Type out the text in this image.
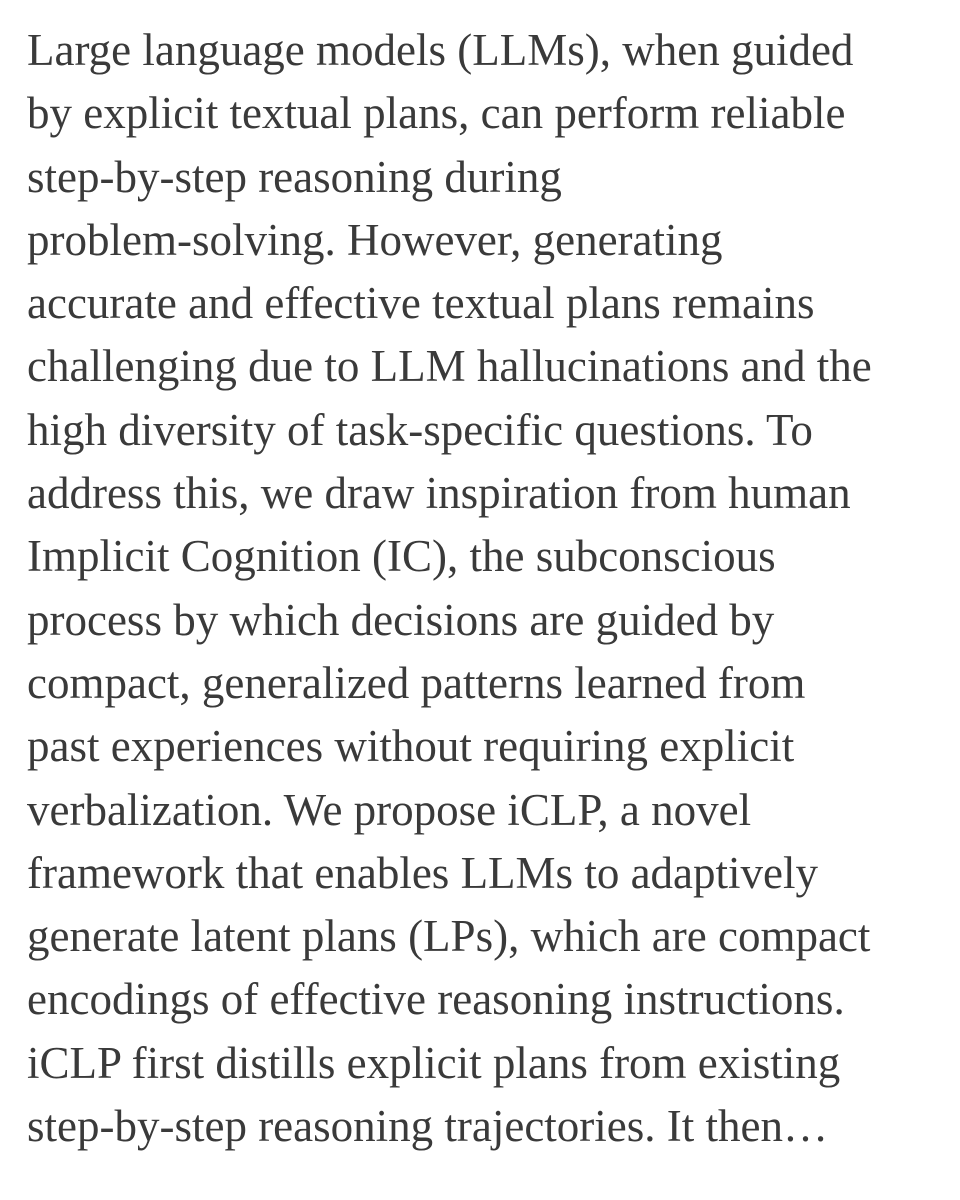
Large language models (LLMs), when guided
by explicit textual plans, can perform reliable
step-by-step reasoning during
problem-solving. However, generating
accurate and effective textual plans remains
challenging due to LLM hallucinations and the
high diversity of task-specific questions. To
address this, we draw inspiration from human
Implicit Cognition (IC), the subconscious
process by which decisions are guided by
compact, generalized patterns learned from
past experiences without requiring explicit
verbalization. We propose iCLP, a novel
framework that enables LLMs to adaptively
generate latent plans (LPs), which are compact
encodings of effective reasoning instructions.
iCLP first distills explicit plans from existing
step-by-step reasoning trajectories. It then…
